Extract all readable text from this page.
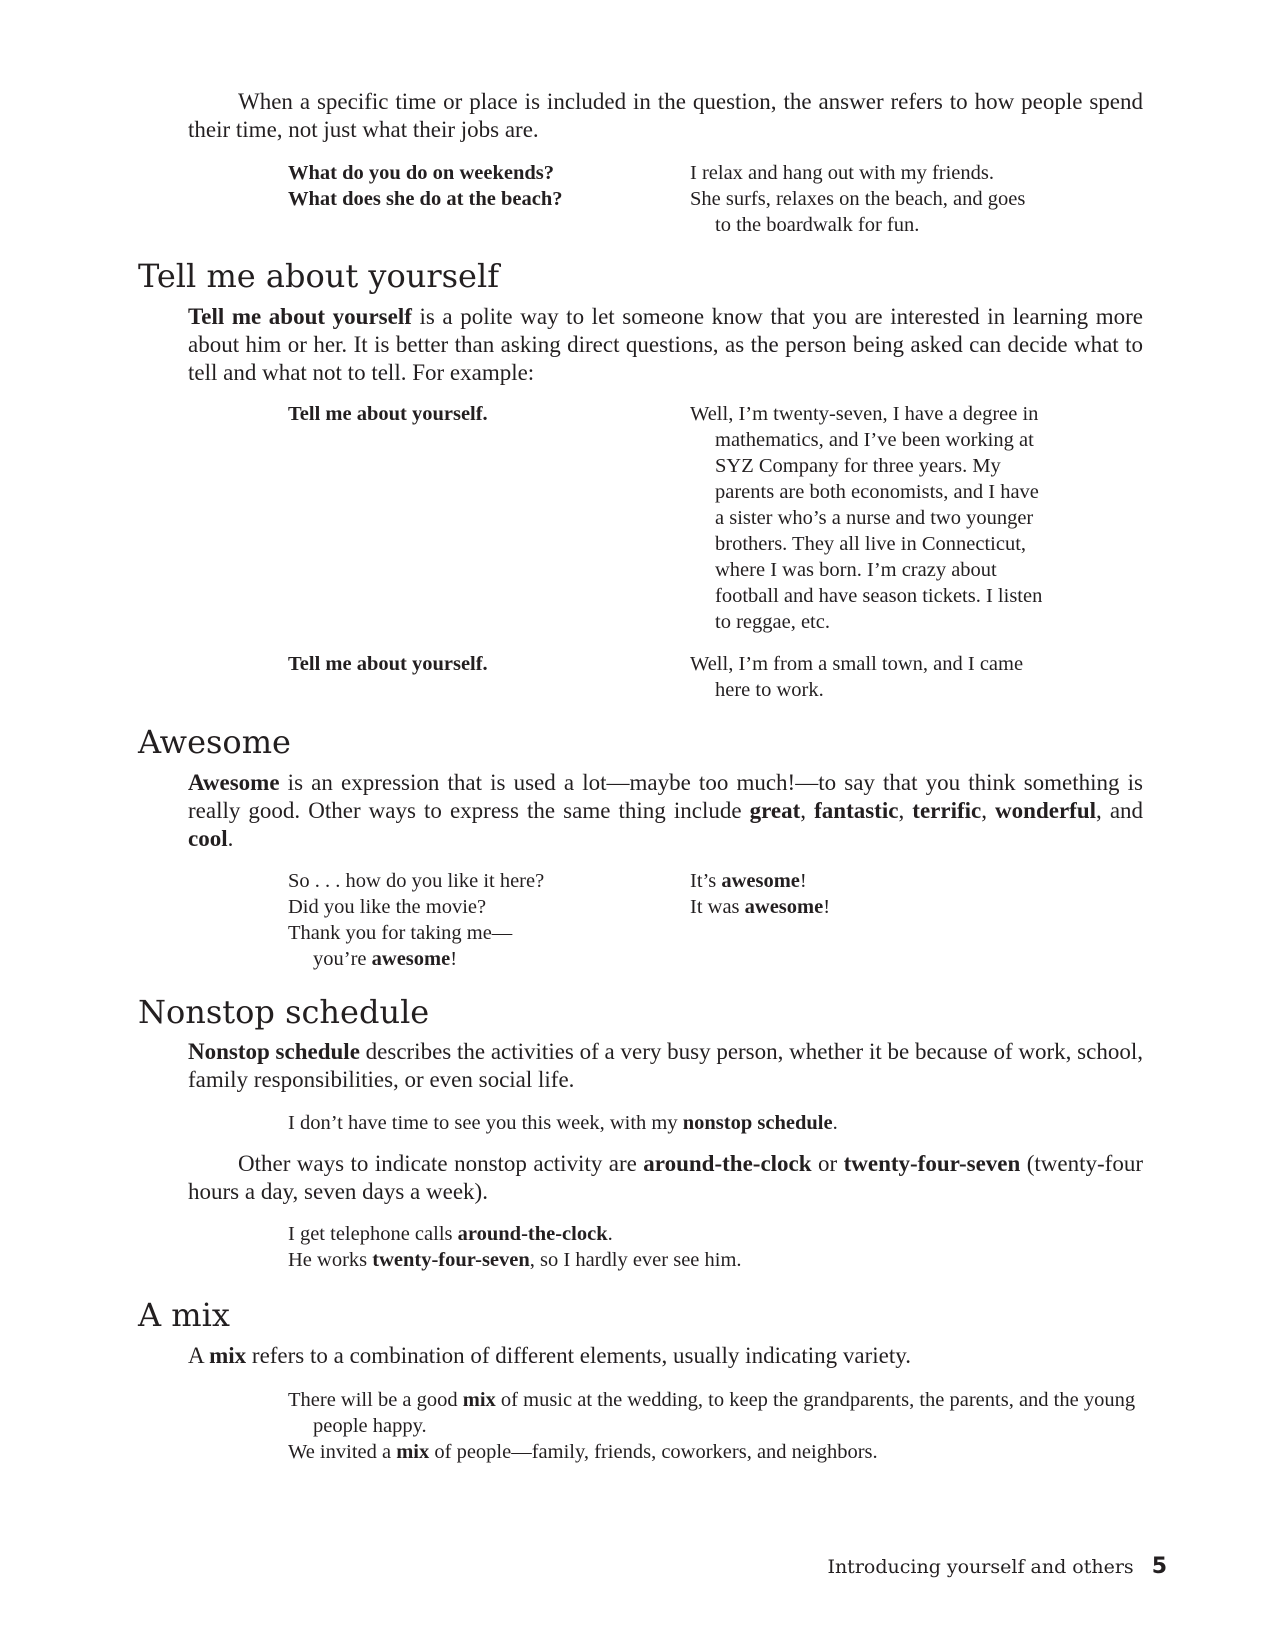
When a specific time or place is included in the question, the answer refers to how people spend their time, not just what their jobs are.

What do you do on weekends?	I relax and hang out with my friends.
What does she do at the beach?	She surfs, relaxes on the beach, and goes to the boardwalk for fun.
Tell me about yourself

Tell me about yourself is a polite way to let someone know that you are interested in learning more about him or her. It is better than asking direct questions, as the person being asked can decide what to tell and what not to tell. For example:

Tell me about yourself.	Well, I’m twenty-seven, I have a degree in mathematics, and I’ve been working at SYZ Company for three years. My parents are both economists, and I have a sister who’s a nurse and two younger brothers. They all live in Connecticut, where I was born. I’m crazy about football and have season tickets. I listen to reggae, etc.
Tell me about yourself.	Well, I’m from a small town, and I came here to work.
Awesome

Awesome is an expression that is used a lot—maybe too much!—to say that you think something is really good. Other ways to express the same thing include great, fantastic, terrific, wonderful, and cool.

So . . . how do you like it here?	It’s awesome!
Did you like the movie?	It was awesome!
Thank you for taking me—you’re awesome!
Nonstop schedule

Nonstop schedule describes the activities of a very busy person, whether it be because of work, school, family responsibilities, or even social life.

I don’t have time to see you this week, with my nonstop schedule.

Other ways to indicate nonstop activity are around-the-clock or twenty-four-seven (twenty-four hours a day, seven days a week).

I get telephone calls around-the-clock.
He works twenty-four-seven, so I hardly ever see him.
A mix

A mix refers to a combination of different elements, usually indicating variety.

There will be a good mix of music at the wedding, to keep the grandparents, the parents, and the young people happy.
We invited a mix of people—family, friends, coworkers, and neighbors.
Introducing yourself and others 5
